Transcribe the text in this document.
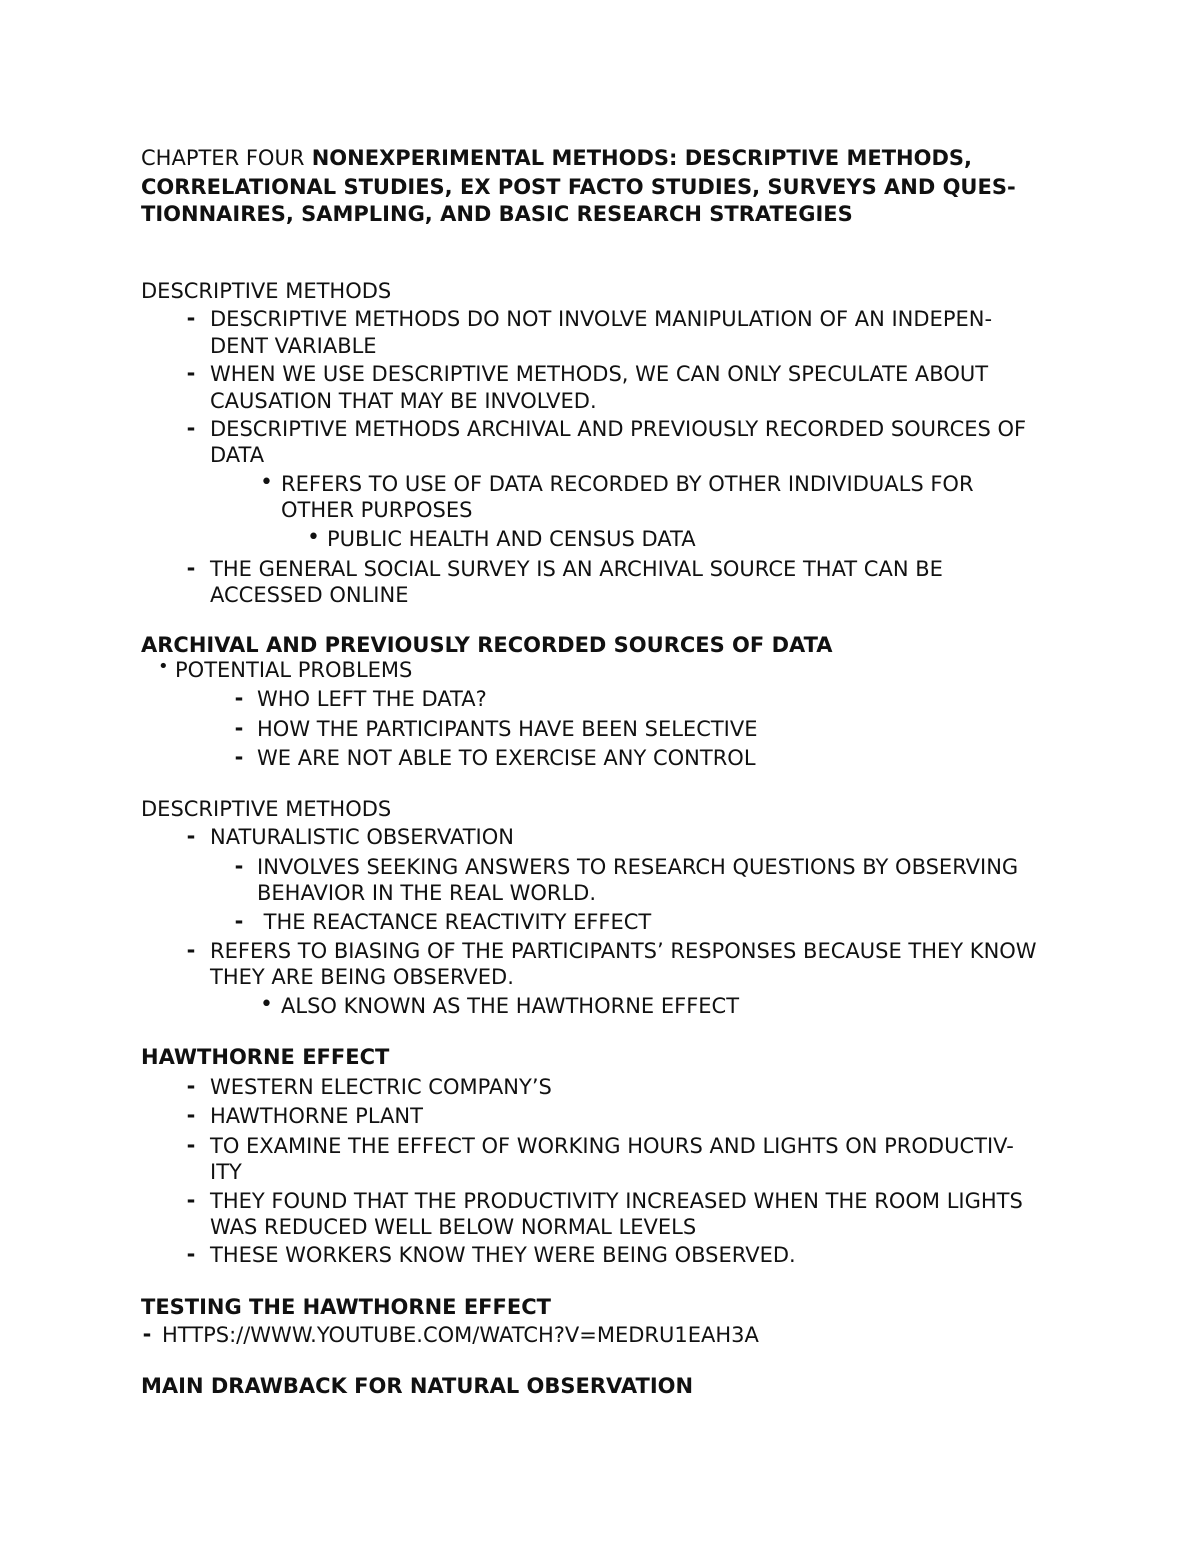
CHAPTER FOUR NONEXPERIMENTAL METHODS: DESCRIPTIVE METHODS,
CORRELATIONAL STUDIES, EX POST FACTO STUDIES, SURVEYS AND QUES-
TIONNAIRES, SAMPLING, AND BASIC RESEARCH STRATEGIES
DESCRIPTIVE METHODS
- DESCRIPTIVE METHODS DO NOT INVOLVE MANIPULATION OF AN INDEPEN-
DENT VARIABLE
- WHEN WE USE DESCRIPTIVE METHODS, WE CAN ONLY SPECULATE ABOUT
CAUSATION THAT MAY BE INVOLVED.
- DESCRIPTIVE METHODS ARCHIVAL AND PREVIOUSLY RECORDED SOURCES OF
DATA
• REFERS TO USE OF DATA RECORDED BY OTHER INDIVIDUALS FOR
OTHER PURPOSES
• PUBLIC HEALTH AND CENSUS DATA
- THE GENERAL SOCIAL SURVEY IS AN ARCHIVAL SOURCE THAT CAN BE
ACCESSED ONLINE
ARCHIVAL AND PREVIOUSLY RECORDED SOURCES OF DATA
• POTENTIAL PROBLEMS
- WHO LEFT THE DATA?
- HOW THE PARTICIPANTS HAVE BEEN SELECTIVE
- WE ARE NOT ABLE TO EXERCISE ANY CONTROL
DESCRIPTIVE METHODS
- NATURALISTIC OBSERVATION
- INVOLVES SEEKING ANSWERS TO RESEARCH QUESTIONS BY OBSERVING
BEHAVIOR IN THE REAL WORLD.
- THE REACTANCE REACTIVITY EFFECT
- REFERS TO BIASING OF THE PARTICIPANTS’ RESPONSES BECAUSE THEY KNOW
THEY ARE BEING OBSERVED.
• ALSO KNOWN AS THE HAWTHORNE EFFECT
HAWTHORNE EFFECT
- WESTERN ELECTRIC COMPANY’S
- HAWTHORNE PLANT
- TO EXAMINE THE EFFECT OF WORKING HOURS AND LIGHTS ON PRODUCTIV-
ITY
- THEY FOUND THAT THE PRODUCTIVITY INCREASED WHEN THE ROOM LIGHTS
WAS REDUCED WELL BELOW NORMAL LEVELS
- THESE WORKERS KNOW THEY WERE BEING OBSERVED.
TESTING THE HAWTHORNE EFFECT
- HTTPS://WWW.YOUTUBE.COM/WATCH?V=MEDRU1EAH3A
MAIN DRAWBACK FOR NATURAL OBSERVATION
